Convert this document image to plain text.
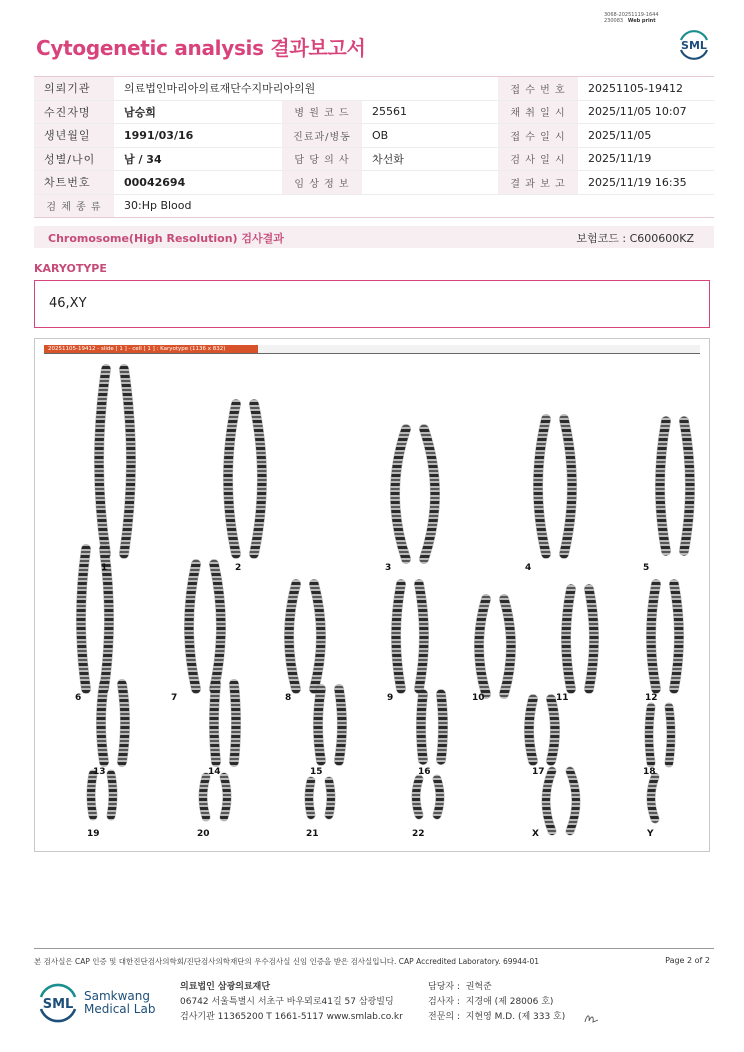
3068-20251119-1644
230083 Web print
Cytogenetic analysis 결과보고서	SML
의뢰기관	의료법인마리아의료재단수지마리아의원			접 수 번 호	20251105-19412
수진자명	남승희	병 원 코 드	25561	채 취 일 시	2025/11/05 10:07
생년월일	1991/03/16	진료과/병동	OB	접 수 일 시	2025/11/05
성별/나이	남 / 34	담 당 의 사	차선화	검 사 일 시	2025/11/19
차트번호	00042694	임 상 정 보		결 과 보 고	2025/11/19 16:35
검 체 종 류	30:Hp Blood				
Chromosome(High Resolution) 검사결과	보험코드 : C600600KZ
KARYOTYPE
46,XY
20251105-19412 - slide [ 1 ] - cell [ 1 ] : Karyotype (1136 x 832)
1	2	3	4	5
6	7	8	9	10	11	12
13	14	15	16	17	18
19	20	21	22	X	Y
본 검사실은 CAP 인증 및 대한진단검사의학회/진단검사의학재단의 우수검사실 신임 인증을 받은 검사실입니다. CAP Accredited Laboratory. 69944-01	Page 2 of 2
SML
Samkwang
Medical Lab
의료법인 삼광의료재단
06742 서울특별시 서초구 바우뫼로41길 57 삼광빌딩
검사기관 11365200 T 1661-5117 www.smlab.co.kr
담당자 : 권혁준
검사자 : 지경애 (제 28006 호)
전문의 : 지현영 M.D. (제 333 호)
